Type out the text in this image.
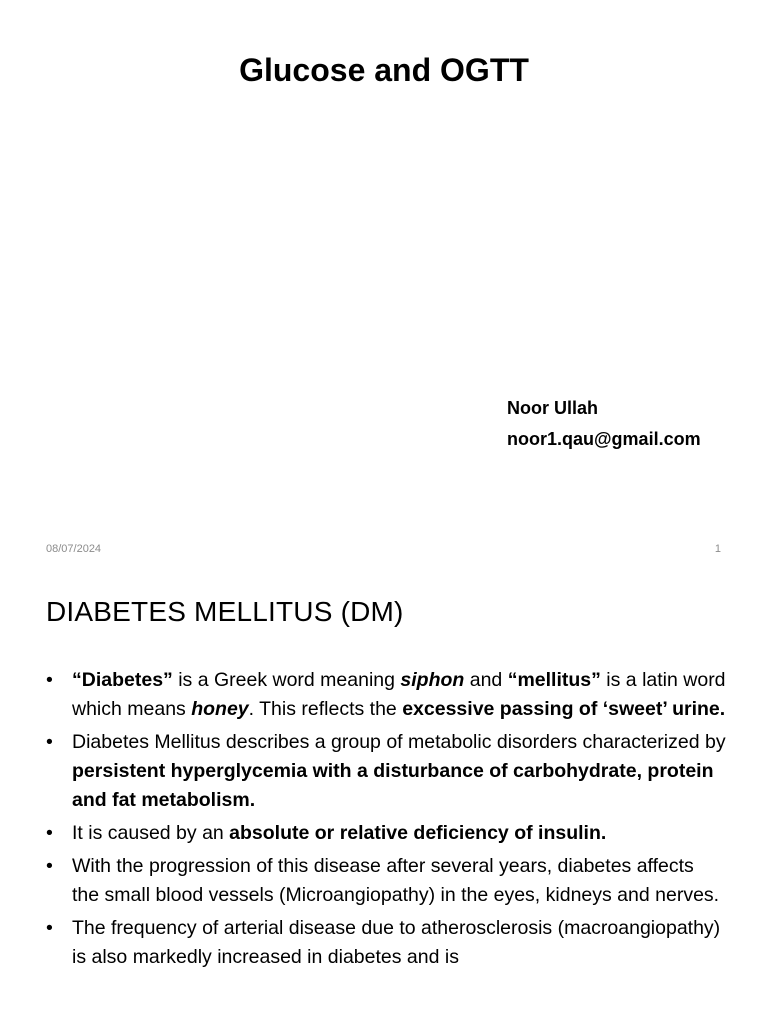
Glucose and OGTT
Noor Ullah
noor1.qau@gmail.com
08/07/2024	1
DIABETES MELLITUS (DM)
• “Diabetes” is a Greek word meaning siphon and “mellitus” is a latin word which means honey. This reflects the excessive passing of ‘sweet’ urine.
• Diabetes Mellitus describes a group of metabolic disorders characterized by persistent hyperglycemia with a disturbance of carbohydrate, protein and fat metabolism.
• It is caused by an absolute or relative deficiency of insulin.
• With the progression of this disease after several years, diabetes affects the small blood vessels (Microangiopathy) in the eyes, kidneys and nerves.
• The frequency of arterial disease due to atherosclerosis (macroangiopathy) is also markedly increased in diabetes and is
